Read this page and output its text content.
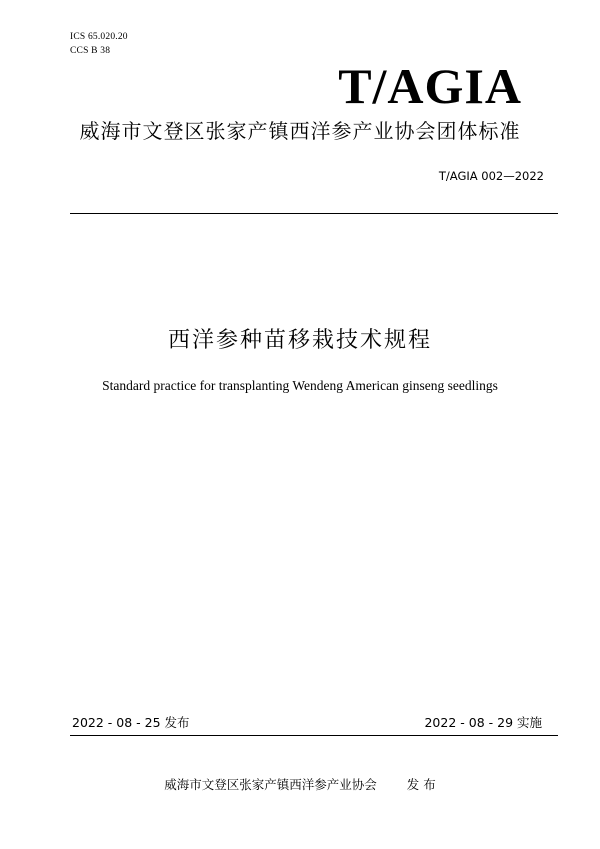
ICS 65.020.20
CCS B 38
T/AGIA
威海市文登区张家产镇西洋参产业协会团体标准
T/AGIA 002—2022
西洋参种苗移栽技术规程
Standard practice for transplanting Wendeng American ginseng seedlings
2022 - 08 - 25 发布	2022 - 08 - 29 实施
威海市文登区张家产镇西洋参产业协会 发 布
